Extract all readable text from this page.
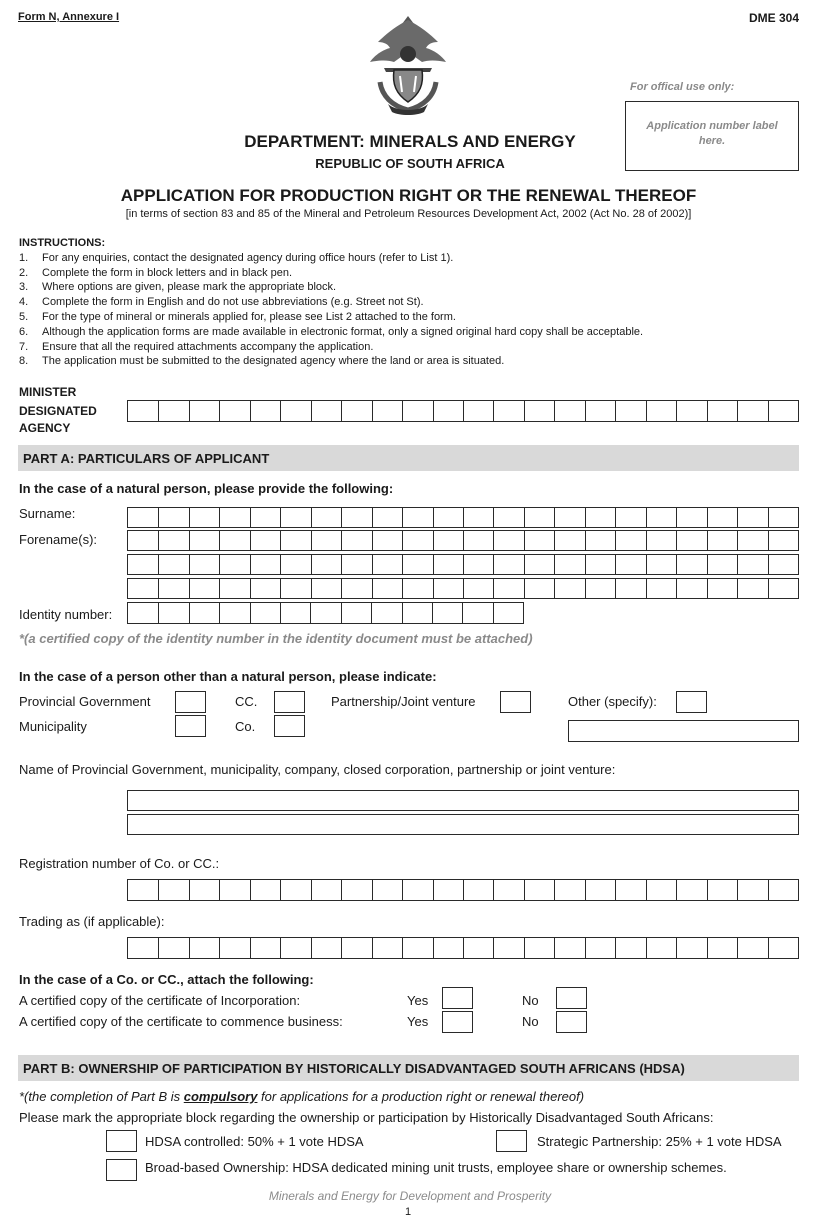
Form N, Annexure I	DME 304
For offical use only:
Application number label here.
DEPARTMENT: MINERALS AND ENERGY
REPUBLIC OF SOUTH AFRICA
APPLICATION FOR PRODUCTION RIGHT OR THE RENEWAL THEREOF
[in terms of section 83 and 85 of the Mineral and Petroleum Resources Development Act, 2002 (Act No. 28 of 2002)]
INSTRUCTIONS:
1.	For any enquiries, contact the designated agency during office hours (refer to List 1).
2.	Complete the form in block letters and in black pen.
3.	Where options are given, please mark the appropriate block.
4.	Complete the form in English and do not use abbreviations (e.g. Street not St).
5.	For the type of mineral or minerals applied for, please see List 2 attached to the form.
6.	Although the application forms are made available in electronic format, only a signed original hard copy shall be acceptable.
7.	Ensure that all the required attachments accompany the application.
8.	The application must be submitted to the designated agency where the land or area is situated.
MINISTER
DESIGNATED
AGENCY
PART A: PARTICULARS OF APPLICANT
In the case of a natural person, please provide the following:
Surname:
Forename(s):
Identity number:
*(a certified copy of the identity number in the identity document must be attached)
In the case of a person other than a natural person, please indicate:
Provincial Government	CC.	Partnership/Joint venture	Other (specify):
Municipality	Co.
Name of Provincial Government, municipality, company, closed corporation, partnership or joint venture:
Registration number of Co. or CC.:
Trading as (if applicable):
In the case of a Co. or CC., attach the following:
A certified copy of the certificate of Incorporation:	Yes	No
A certified copy of the certificate to commence business:	Yes	No
PART B: OWNERSHIP OF PARTICIPATION BY HISTORICALLY DISADVANTAGED SOUTH AFRICANS (HDSA)
*(the completion of Part B is compulsory for applications for a production right or renewal thereof)
Please mark the appropriate block regarding the ownership or participation by Historically Disadvantaged South Africans:
HDSA controlled: 50% + 1 vote HDSA	Strategic Partnership: 25% + 1 vote HDSA
Broad-based Ownership: HDSA dedicated mining unit trusts, employee share or ownership schemes.
Minerals and Energy for Development and Prosperity
1
